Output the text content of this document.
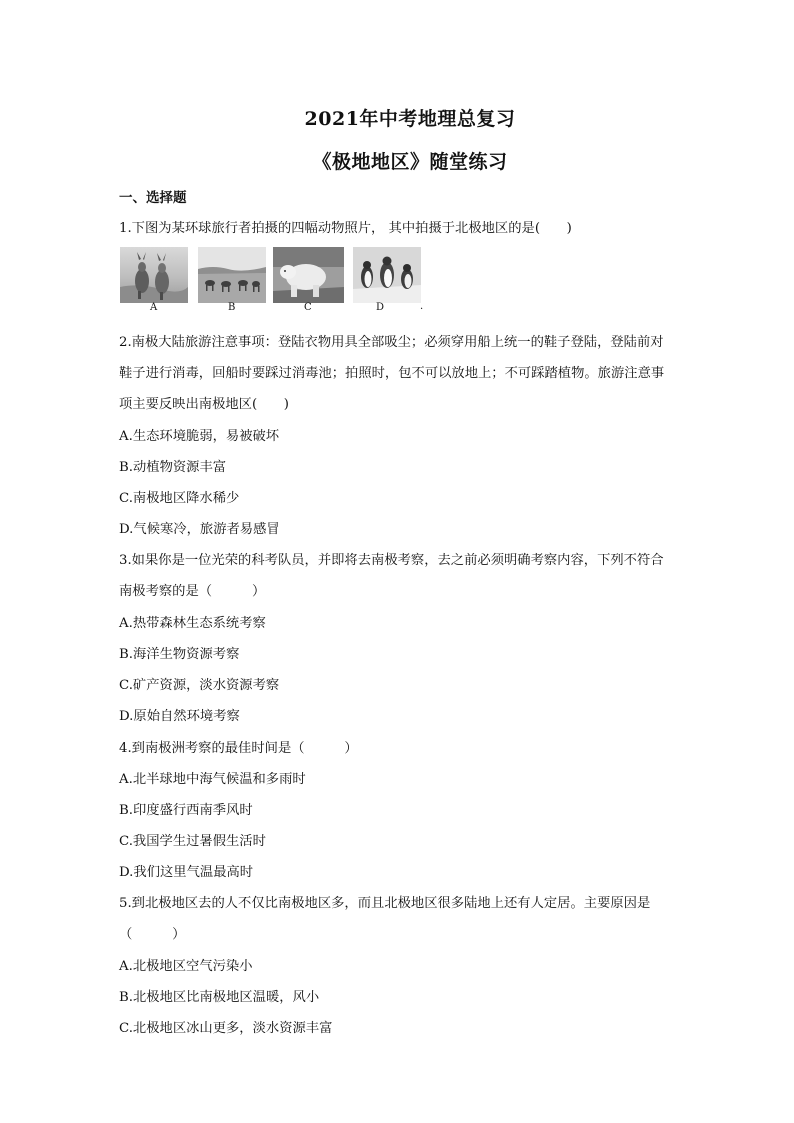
2021年中考地理总复习
《极地地区》随堂练习
一、选择题
1.下图为某环球旅行者拍摄的四幅动物照片， 其中拍摄于北极地区的是(　　)
A	B	C	D	.
2.南极大陆旅游注意事项：登陆衣物用具全部吸尘；必须穿用船上统一的鞋子登陆，登陆前对
鞋子进行消毒，回船时要踩过消毒池；拍照时，包不可以放地上；不可踩踏植物。旅游注意事
项主要反映出南极地区(　　)
A.生态环境脆弱，易被破坏
B.动植物资源丰富
C.南极地区降水稀少
D.气候寒冷，旅游者易感冒
3.如果你是一位光荣的科考队员，并即将去南极考察，去之前必须明确考察内容，下列不符合
南极考察的是（　　　）
A.热带森林生态系统考察
B.海洋生物资源考察
C.矿产资源，淡水资源考察
D.原始自然环境考察
4.到南极洲考察的最佳时间是（　　　）
A.北半球地中海气候温和多雨时
B.印度盛行西南季风时
C.我国学生过暑假生活时
D.我们这里气温最高时
5.到北极地区去的人不仅比南极地区多，而且北极地区很多陆地上还有人定居。主要原因是
（　　　）
A.北极地区空气污染小
B.北极地区比南极地区温暖，风小
C.北极地区冰山更多，淡水资源丰富
